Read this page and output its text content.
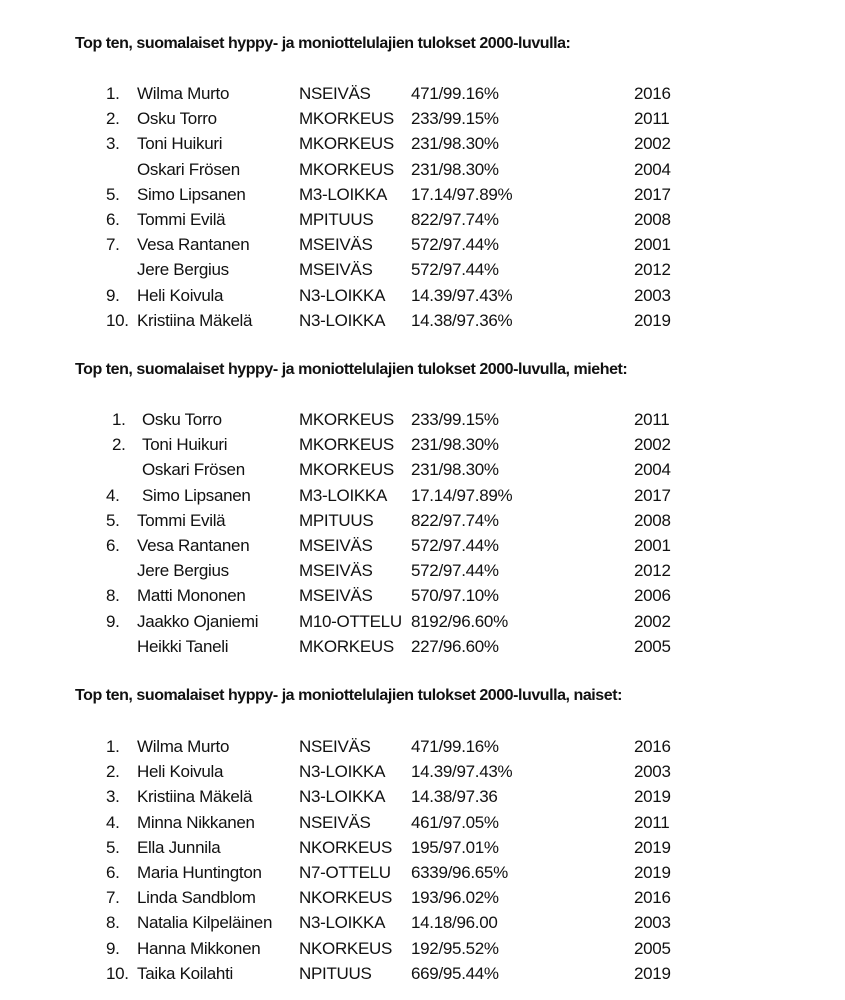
Top ten, suomalaiset hyppy- ja moniottelulajien tulokset 2000-luvulla:
Top ten, suomalaiset hyppy- ja moniottelulajien tulokset 2000-luvulla, miehet:
Top ten, suomalaiset hyppy- ja moniottelulajien tulokset 2000-luvulla, naiset:
1. Wilma Murto	NSEIVÄS 471/99.16%	2016
2. Osku Torro	MKORKEUS 233/99.15%	2011
3. Toni Huikuri	MKORKEUS 231/98.30%	2002
Oskari Frösen	MKORKEUS 231/98.30%	2004
5. Simo Lipsanen	M3-LOIKKA 17.14/97.89%	2017
6. Tommi Evilä	MPITUUS 822/97.74%	2008
7. Vesa Rantanen	MSEIVÄS 572/97.44%	2001
Jere Bergius	MSEIVÄS 572/97.44%	2012
9. Heli Koivula	N3-LOIKKA 14.39/97.43%	2003
10. Kristiina Mäkelä	N3-LOIKKA 14.38/97.36%	2019
1. Osku Torro	MKORKEUS 233/99.15%	2011
2. Toni Huikuri	MKORKEUS 231/98.30%	2002
Oskari Frösen	MKORKEUS 231/98.30%	2004
4. Simo Lipsanen	M3-LOIKKA 17.14/97.89%	2017
5. Tommi Evilä	MPITUUS 822/97.74%	2008
6. Vesa Rantanen	MSEIVÄS 572/97.44%	2001
Jere Bergius	MSEIVÄS 572/97.44%	2012
8. Matti Mononen	MSEIVÄS 570/97.10%	2006
9. Jaakko Ojaniemi M10-OTTELU 8192/96.60%	2002
Heikki Taneli	MKORKEUS 227/96.60%	2005
1. Wilma Murto	NSEIVÄS 471/99.16%	2016
2. Heli Koivula	N3-LOIKKA 14.39/97.43%	2003
3. Kristiina Mäkelä	N3-LOIKKA 14.38/97.36	2019
4. Minna Nikkanen	NSEIVÄS 461/97.05%	2011
5. Ella Junnila	NKORKEUS 195/97.01%	2019
6. Maria Huntington N7-OTTELU 6339/96.65%	2019
7. Linda Sandblom	NKORKEUS 193/96.02%	2016
8. Natalia Kilpeläinen N3-LOIKKA 14.18/96.00	2003
9. Hanna Mikkonen NKORKEUS 192/95.52%	2005
10. Taika Koilahti	NPITUUS 669/95.44%	2019
